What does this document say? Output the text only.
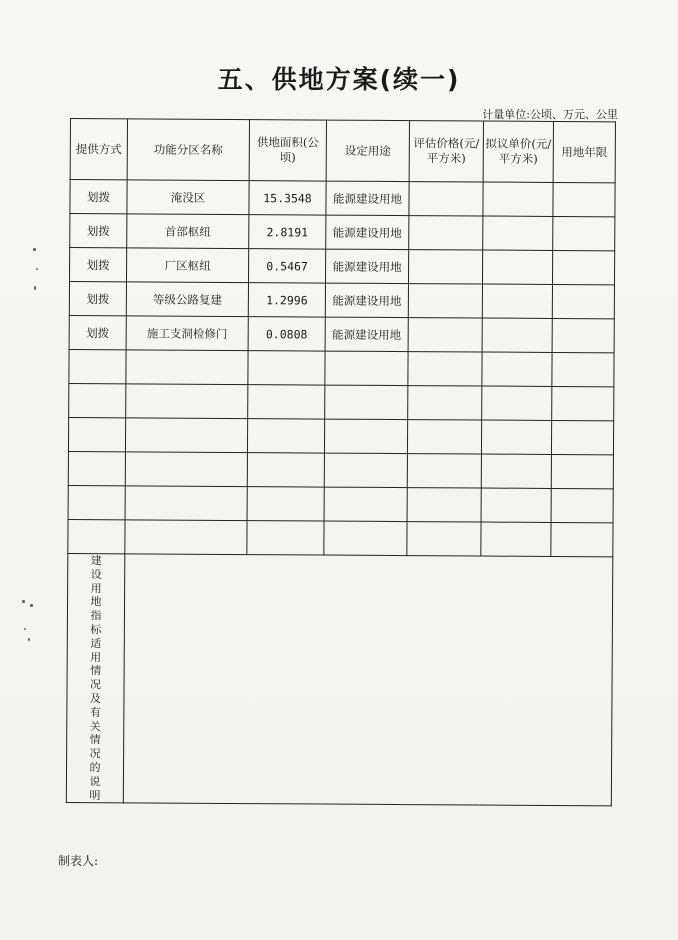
五、供地方案(续一)
计量单位:公顷、万元、公里
提供方式	功能分区名称	供地面积(公顷)	设定用途	评估价格(元/平方米)	拟议单价(元/平方米)	用地年限
划拨	淹没区	15.3548	能源建设用地			
划拨	首部枢纽	2.8191	能源建设用地			
划拨	厂区枢纽	0.5467	能源建设用地			
划拨	等级公路复建	1.2996	能源建设用地			
划拨	施工支洞检修门	0.0808	能源建设用地			

建设用地指标适用情况及有关情况的说明						
制表人:
